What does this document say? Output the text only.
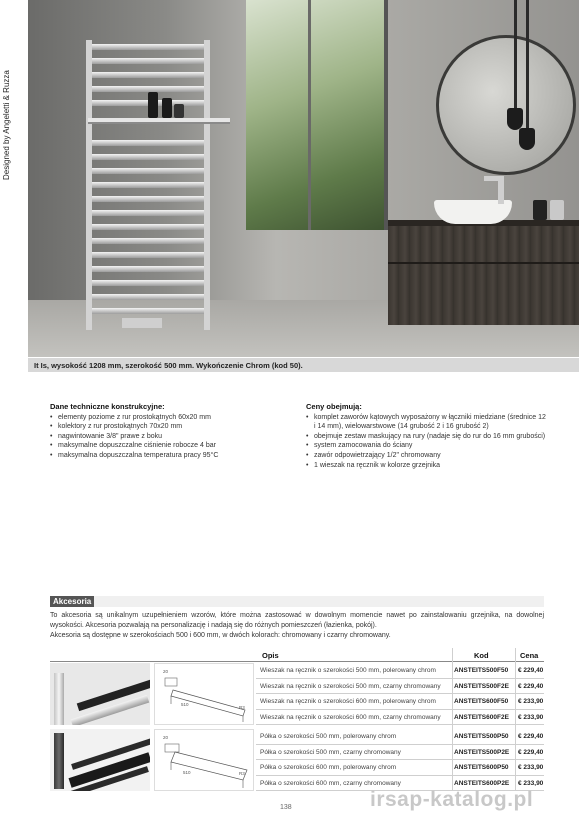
Designed by Angeletti & Ruzza
It Is, wysokość 1208 mm, szerokość 500 mm. Wykończenie Chrom (kod 50).
Dane techniczne konstrukcyjne:
• elementy poziome z rur prostokątnych 60x20 mm
• kolektory z rur prostokątnych 70x20 mm
• nagwintowanie 3/8" prawe z boku
• maksymalne dopuszczalne ciśnienie robocze 4 bar
• maksymalna dopuszczalna temperatura pracy 95°C
Ceny obejmują:
• komplet zaworów kątowych wyposażony w łączniki miedziane (średnice 12 i 14 mm), wielowarstwowe (14 grubość 2 i 16 grubość 2)
• obejmuje zestaw maskujący na rury (nadaje się do rur do 16 mm grubości)
• system zamocowania do ściany
• zawór odpowietrzający 1/2" chromowany
• 1 wieszak na ręcznik w kolorze grzejnika
Akcesoria

To akcesoria są unikalnym uzupełnieniem wzorów, które można zastosować w dowolnym momencie nawet po zainstalowaniu grzejnika, na dowolnej wysokości. Akcesoria pozwalają na personalizację i nadają się do różnych pomieszczeń (łazienka, pokój).

Akcesoria są dostępne w szerokościach 500 i 600 mm, w dwóch kolorach: chromowany i czarny chromowany.

Opis	Kod	Cena
20
510
R3
Wieszak na ręcznik o szerokości 500 mm, polerowany chrom	ANSTEITS500F50 € 229,40
Wieszak na ręcznik o szerokości 500 mm, czarny chromowany ANSTEITS500F2E € 229,40
Wieszak na ręcznik o szerokości 600 mm, polerowany chrom	ANSTEITS600F50 € 233,90
Wieszak na ręcznik o szerokości 600 mm, czarny chromowany ANSTEITS600F2E € 233,90
20
510	R3
Półka o szerokości 500 mm, polerowany chrom	ANSTEITS500P50 € 229,40
Półka o szerokości 500 mm, czarny chromowany	ANSTEITS500P2E € 229,40
Półka o szerokości 600 mm, polerowany chrom	ANSTEITS600P50 € 233,90
Półka o szerokości 600 mm, czarny chromowany	ANSTEITS600P2E € 233,90
138	irsap-katalog.pl
